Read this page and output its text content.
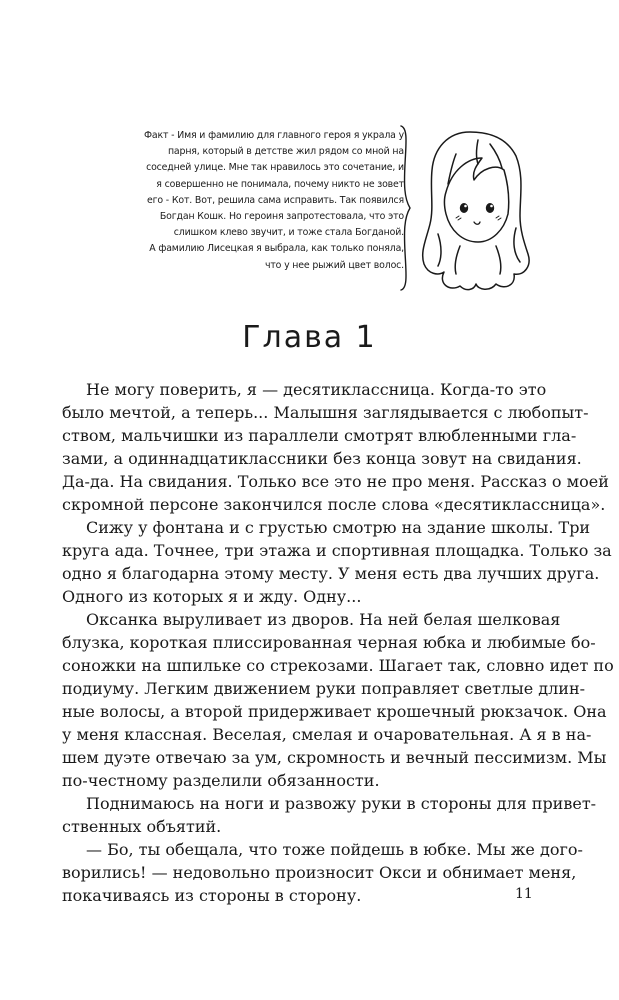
Факт - Имя и фамилию для главного героя я украла у
парня, который в детстве жил рядом со мной на
соседней улице. Мне так нравилось это сочетание, и
я совершенно не понимала, почему никто не зовет
его - Кот. Вот, решила сама исправить. Так появился
Богдан Кошк. Но героиня запротестовала, что это
слишком клево звучит, и тоже стала Богданой.
А фамилию Лисецкая я выбрала, как только поняла,
что у нее рыжий цвет волос.
Глава 1
Не могу поверить, я — десятиклассница. Когда-то это
было мечтой, а теперь... Малышня заглядывается с любопыт-
ством, мальчишки из параллели смотрят влюбленными гла-
зами, а одиннадцатиклассники без конца зовут на свидания.
Да-да. На свидания. Только все это не про меня. Рассказ о моей
скромной персоне закончился после слова «десятиклассница».
Сижу у фонтана и с грустью смотрю на здание школы. Три
круга ада. Точнее, три этажа и спортивная площадка. Только за
одно я благодарна этому месту. У меня есть два лучших друга.
Одного из которых я и жду. Одну...
Оксанка выруливает из дворов. На ней белая шелковая
блузка, короткая плиссированная черная юбка и любимые бо-
соножки на шпильке со стрекозами. Шагает так, словно идет по
подиуму. Легким движением руки поправляет светлые длин-
ные волосы, а второй придерживает крошечный рюкзачок. Она
у меня классная. Веселая, смелая и очаровательная. А я в на-
шем дуэте отвечаю за ум, скромность и вечный пессимизм. Мы
по-честному разделили обязанности.
Поднимаюсь на ноги и развожу руки в стороны для привет-
ственных объятий.
— Бо, ты обещала, что тоже пойдешь в юбке. Мы же дого-
ворились! — недовольно произносит Окси и обнимает меня,
покачиваясь из стороны в сторону.	11
